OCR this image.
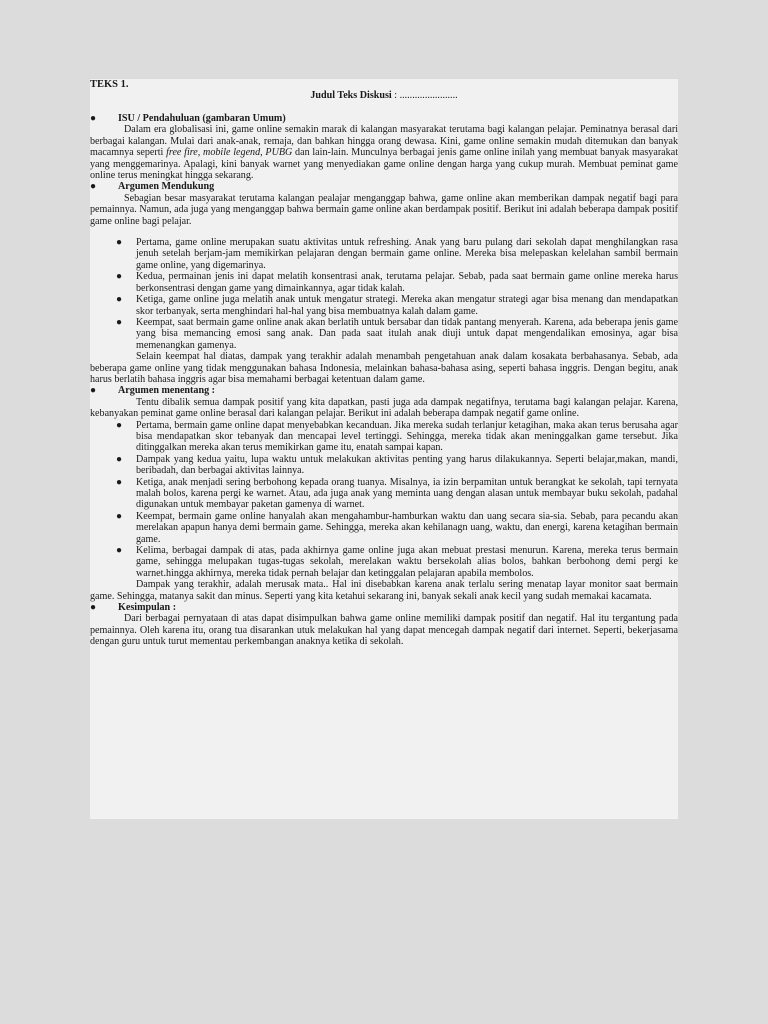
TEKS 1.
Judul Teks Diskusi : .......................
● ISU / Pendahuluan (gambaran Umum)

Dalam era globalisasi ini, game online semakin marak di kalangan masyarakat terutama bagi kalangan pelajar. Peminatnya berasal dari berbagai kalangan. Mulai dari anak-anak, remaja, dan bahkan hingga orang dewasa. Kini, game online semakin mudah ditemukan dan banyak macamnya seperti free fire, mobile legend, PUBG dan lain-lain. Munculnya berbagai jenis game online inilah yang membuat banyak masyarakat yang menggemarinya. Apalagi, kini banyak warnet yang menyediakan game online dengan harga yang cukup murah. Membuat peminat game online terus meningkat hingga sekarang.

● Argumen Mendukung

Sebagian besar masyarakat terutama kalangan pealajar menganggap bahwa, game online akan memberikan dampak negatif bagi para pemainnya. Namun, ada juga yang menganggap bahwa bermain game online akan berdampak positif. Berikut ini adalah beberapa dampak positif game online bagi pelajar.

● Pertama, game online merupakan suatu aktivitas untuk refreshing. Anak yang baru pulang dari sekolah dapat menghilangkan rasa jenuh setelah berjam-jam memikirkan pelajaran dengan bermain game online. Mereka bisa melepaskan kelelahan sambil bermain game online, yang digemarinya.
● Kedua, permainan jenis ini dapat melatih konsentrasi anak, terutama pelajar. Sebab, pada saat bermain game online mereka harus berkonsentrasi dengan game yang dimainkannya, agar tidak kalah.
● Ketiga, game online juga melatih anak untuk mengatur strategi. Mereka akan mengatur strategi agar bisa menang dan mendapatkan skor terbanyak, serta menghindari hal-hal yang bisa membuatnya kalah dalam game.
● Keempat, saat bermain game online anak akan berlatih untuk bersabar dan tidak pantang menyerah. Karena, ada beberapa jenis game yang bisa memancing emosi sang anak. Dan pada saat itulah anak diuji untuk dapat mengendalikan emosinya, agar bisa memenangkan gamenya.

Selain keempat hal diatas, dampak yang terakhir adalah menambah pengetahuan anak dalam kosakata berbahasanya. Sebab, ada beberapa game online yang tidak menggunakan bahasa Indonesia, melainkan bahasa-bahasa asing, seperti bahasa inggris. Dengan begitu, anak harus berlatih bahasa inggris agar bisa memahami berbagai ketentuan dalam game.

● Argumen menentang :

Tentu dibalik semua dampak positif yang kita dapatkan, pasti juga ada dampak negatifnya, terutama bagi kalangan pelajar. Karena, kebanyakan peminat game online berasal dari kalangan pelajar. Berikut ini adalah beberapa dampak negatif game online.

● Pertama, bermain game online dapat menyebabkan kecanduan. Jika mereka sudah terlanjur ketagihan, maka akan terus berusaha agar bisa mendapatkan skor tebanyak dan mencapai level tertinggi. Sehingga, mereka tidak akan meninggalkan game tersebut. Jika ditinggalkan mereka akan terus memikirkan game itu, enatah sampai kapan.
● Dampak yang kedua yaitu, lupa waktu untuk melakukan aktivitas penting yang harus dilakukannya. Seperti belajar,makan, mandi, beribadah, dan berbagai aktivitas lainnya.
● Ketiga, anak menjadi sering berbohong kepada orang tuanya. Misalnya, ia izin berpamitan untuk berangkat ke sekolah, tapi ternyata malah bolos, karena pergi ke warnet. Atau, ada juga anak yang meminta uang dengan alasan untuk membayar buku sekolah, padahal digunakan untuk membayar paketan gamenya di warnet.
● Keempat, bermain game online hanyalah akan mengahambur-hamburkan waktu dan uang secara sia-sia. Sebab, para pecandu akan merelakan apapun hanya demi bermain game. Sehingga, mereka akan kehilanagn uang, waktu, dan energi, karena ketagihan bermain game.
● Kelima, berbagai dampak di atas, pada akhirnya game online juga akan mebuat prestasi menurun. Karena, mereka terus bermain game, sehingga melupakan tugas-tugas sekolah, merelakan waktu bersekolah alias bolos, bahkan berbohong demi pergi ke warnet.hingga akhirnya, mereka tidak pernah belajar dan ketinggalan pelajaran apabila membolos.

Dampak yang terakhir, adalah merusak mata.. Hal ini disebabkan karena anak terlalu sering menatap layar monitor saat bermain game. Sehingga, matanya sakit dan minus. Seperti yang kita ketahui sekarang ini, banyak sekali anak kecil yang sudah memakai kacamata.

● Kesimpulan :

Dari berbagai pernyataan di atas dapat disimpulkan bahwa game online memiliki dampak positif dan negatif. Hal itu tergantung pada pemainnya. Oleh karena itu, orang tua disarankan utuk melakukan hal yang dapat mencegah dampak negatif dari internet. Seperti, bekerjasama dengan guru untuk turut mementau perkembangan anaknya ketika di sekolah.
